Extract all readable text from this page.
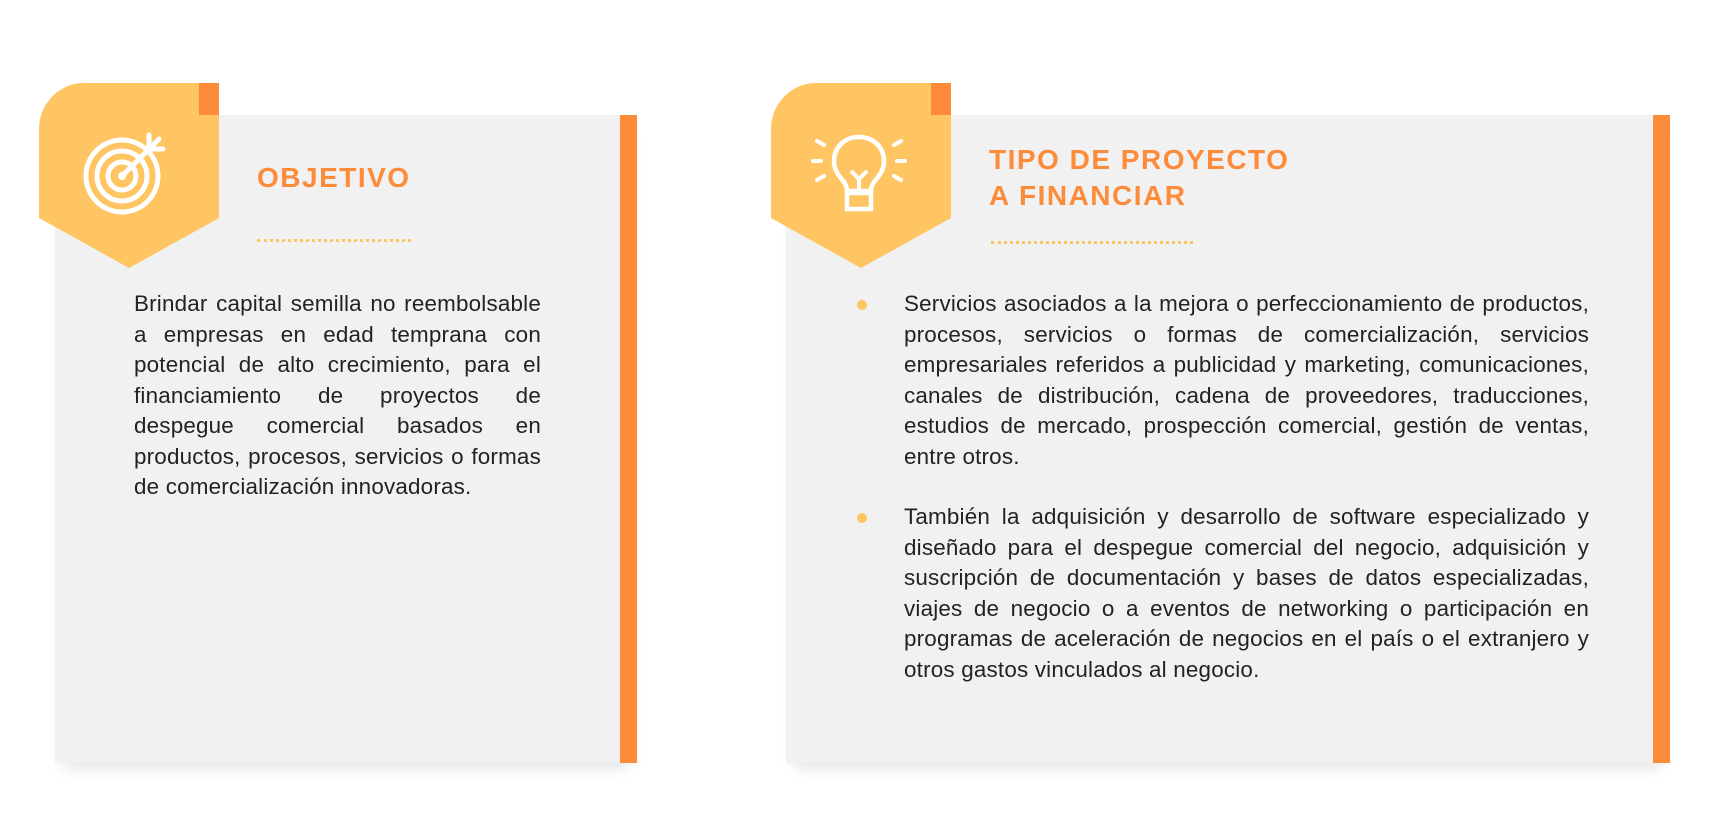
OBJETIVO

Brindar capital semilla no reembolsable a empresas en edad temprana con potencial de alto crecimiento, para el financiamiento de proyectos de despegue comercial basados en productos, procesos, servicios o formas de comercialización innovadoras.

TIPO DE PROYECTO
A FINANCIAR
Servicios asociados a la mejora o perfeccionamiento de productos, procesos, servicios o formas de comercialización, servicios empresariales referidos a publicidad y marketing, comunicaciones, canales de distribución, cadena de proveedores, traducciones, estudios de mercado, prospección comercial, gestión de ventas, entre otros.
También la adquisición y desarrollo de software especializado y diseñado para el despegue comercial del negocio, adquisición y suscripción de documentación y bases de datos especializadas, viajes de negocio o a eventos de networking o participación en programas de aceleración de negocios en el país o el extranjero y otros gastos vinculados al negocio.
